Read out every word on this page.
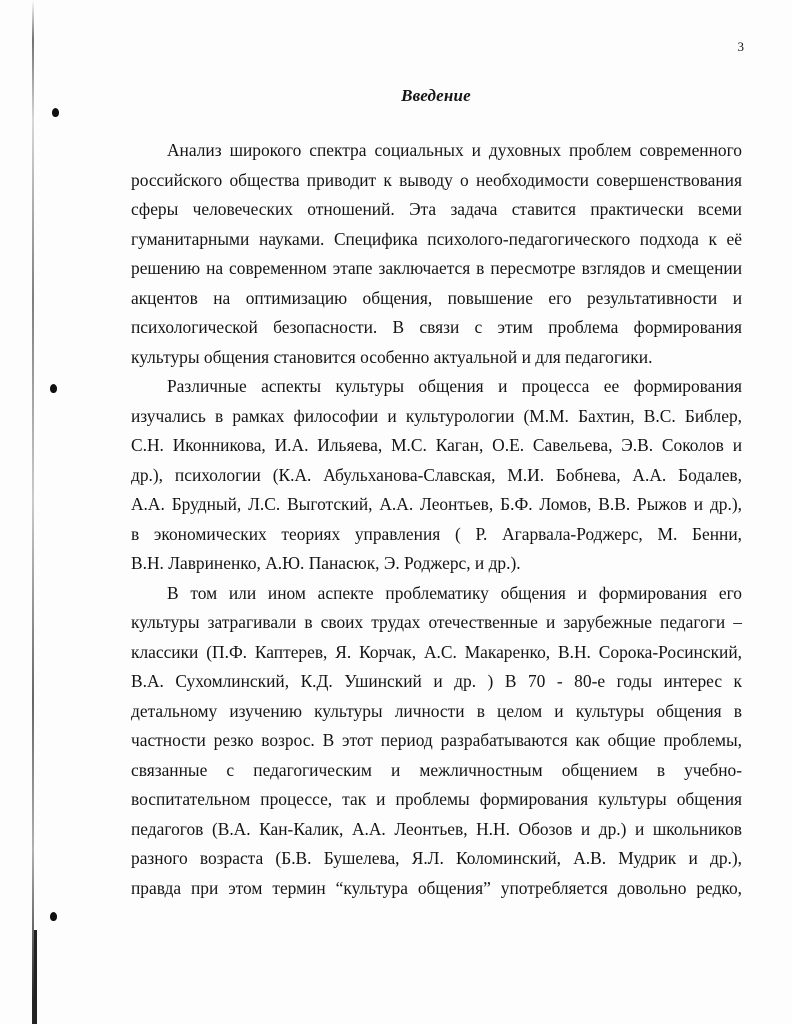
3
Введение
Анализ широкого спектра социальных и духовных проблем современного
российского общества приводит к выводу о необходимости совершенствования
сферы человеческих отношений. Эта задача ставится практически всеми
гуманитарными науками. Специфика психолого-педагогического подхода к её
решению на современном этапе заключается в пересмотре взглядов и смещении
акцентов на оптимизацию общения, повышение его результативности и
психологической безопасности. В связи с этим проблема формирования
культуры общения становится особенно актуальной и для педагогики.
Различные аспекты культуры общения и процесса ее формирования
изучались в рамках философии и культурологии (М.М. Бахтин, В.С. Библер,
С.Н. Иконникова, И.А. Ильяева, М.С. Каган, О.Е. Савельева, Э.В. Соколов и
др.), психологии (К.А. Абульханова-Славская, М.И. Бобнева, А.А. Бодалев,
А.А. Брудный, Л.С. Выготский, А.А. Леонтьев, Б.Ф. Ломов, В.В. Рыжов и др.),
в экономических теориях управления ( Р. Агарвала-Роджерс, М. Бенни,
В.Н. Лавриненко, А.Ю. Панасюк, Э. Роджерс, и др.).
В том или ином аспекте проблематику общения и формирования его
культуры затрагивали в своих трудах отечественные и зарубежные педагоги –
классики (П.Ф. Каптерев, Я. Корчак, А.С. Макаренко, В.Н. Сорока-Росинский,
В.А. Сухомлинский, К.Д. Ушинский и др. ) В 70 - 80-е годы интерес к
детальному изучению культуры личности в целом и культуры общения в
частности резко возрос. В этот период разрабатываются как общие проблемы,
связанные с педагогическим и межличностным общением в учебно-
воспитательном процессе, так и проблемы формирования культуры общения
педагогов (В.А. Кан-Калик, А.А. Леонтьев, Н.Н. Обозов и др.) и школьников
разного возраста (Б.В. Бушелева, Я.Л. Коломинский, А.В. Мудрик и др.),
правда при этом термин “культура общения” употребляется довольно редко,
